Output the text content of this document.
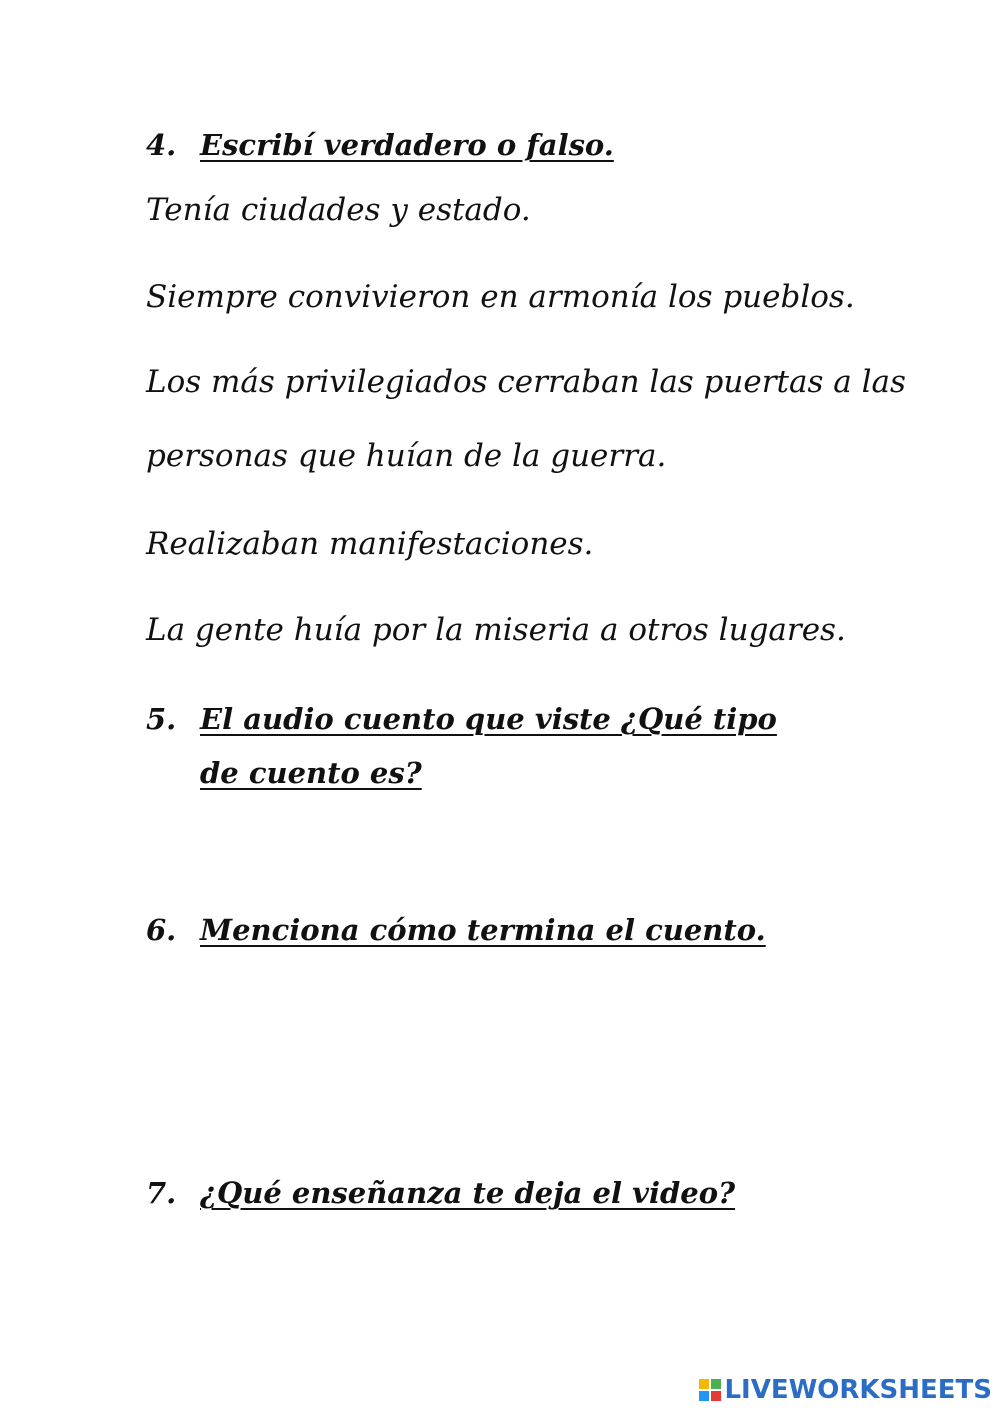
4. Escribí verdadero o falso.
Tenía ciudades y estado.
Siempre convivieron en armonía los pueblos.
Los más privilegiados cerraban las puertas a las
personas que huían de la guerra.
Realizaban manifestaciones.
La gente huía por la miseria a otros lugares.
5. El audio cuento que viste ¿Qué tipo de cuento es?
6. Menciona cómo termina el cuento.
7. ¿Qué enseñanza te deja el video?
LIVEWORKSHEETS
